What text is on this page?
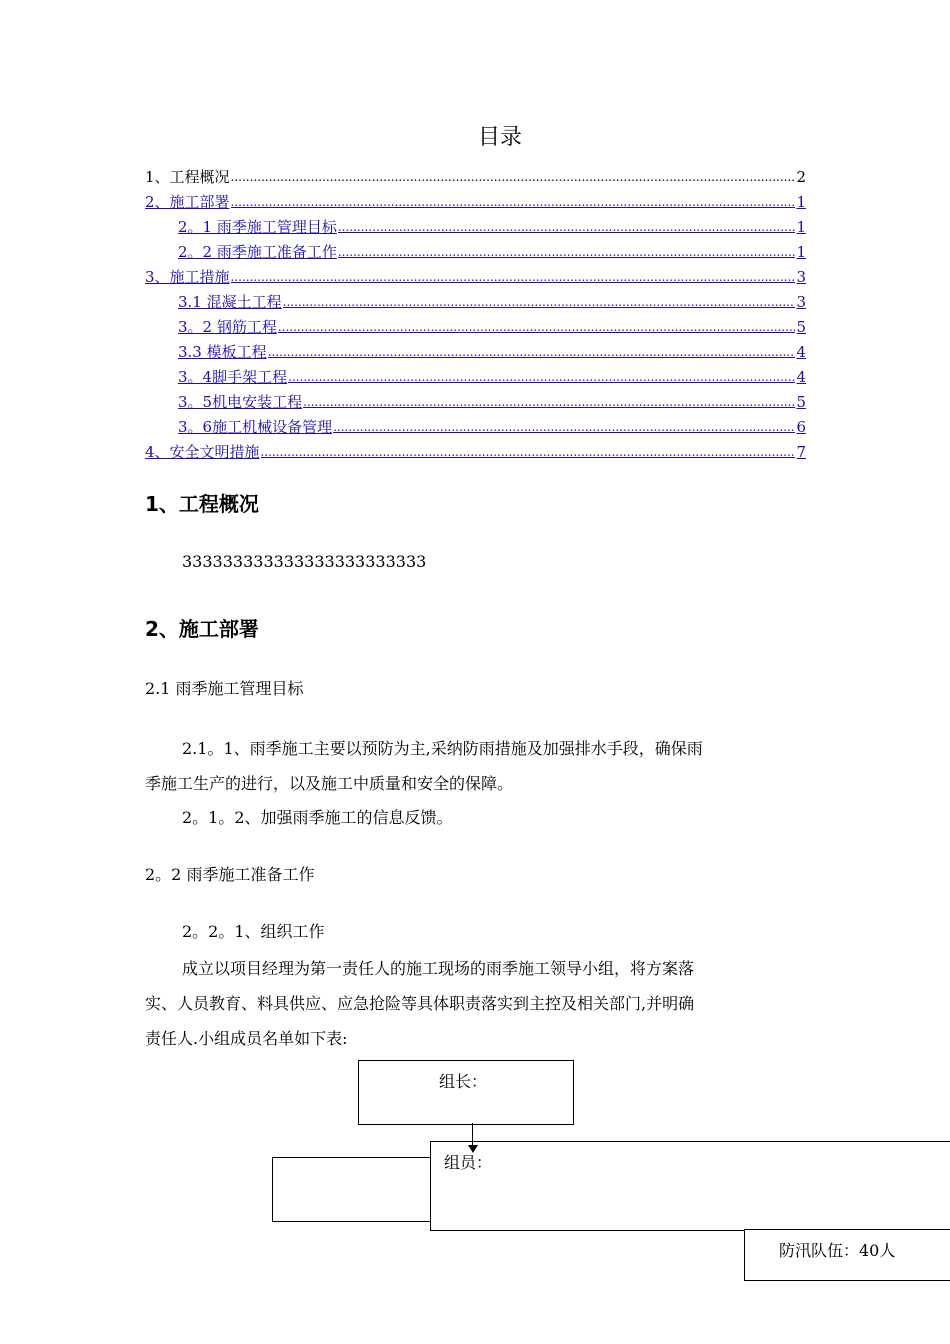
目录
1、工程概况 .....	2
2、施工部署 .....	1
2。1 雨季施工管理目标 .....	1
2。2 雨季施工准备工作 .....	1
3、施工措施 .....	3
3.1 混凝土工程 .....	3
3。2 钢筋工程 .....	5
3.3 模板工程 .....	4
3。4脚手架工程 .....	4
3。5机电安装工程 .....	5
3。6施工机械设备管理 .....	6
4、安全文明措施 .....	7
1、工程概况
333333333333333333333333
2、施工部署
2.1 雨季施工管理目标
2.1。1、雨季施工主要以预防为主,采纳防雨措施及加强排水手段，确保雨
季施工生产的进行，以及施工中质量和安全的保障。
2。1。2、加强雨季施工的信息反馈。
2。2 雨季施工准备工作
2。2。1、组织工作
成立以项目经理为第一责任人的施工现场的雨季施工领导小组，将方案落
实、人员教育、料具供应、应急抢险等具体职责落实到主控及相关部门,并明确
责任人.小组成员名单如下表:
组长：
组员：
防汛队伍：40人
